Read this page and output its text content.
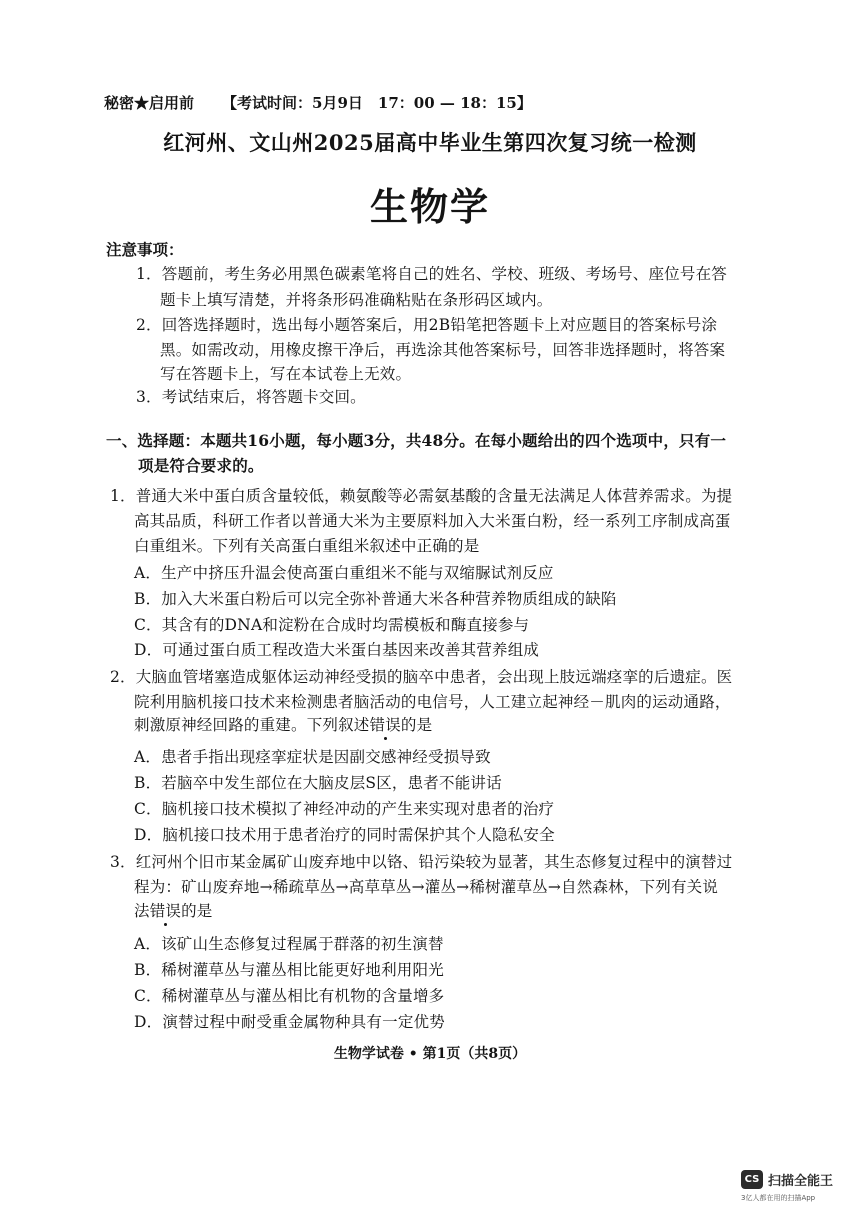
秘密★启用前 【考试时间：5月9日　17：00 — 18：15】
红河州、文山州2025届高中毕业生第四次复习统一检测
生物学
注意事项：
1．答题前，考生务必用黑色碳素笔将自己的姓名、学校、班级、考场号、座位号在答
题卡上填写清楚，并将条形码准确粘贴在条形码区域内。
2．回答选择题时，选出每小题答案后，用2B铅笔把答题卡上对应题目的答案标号涂
黑。如需改动，用橡皮擦干净后，再选涂其他答案标号，回答非选择题时，将答案
写在答题卡上，写在本试卷上无效。
3．考试结束后，将答题卡交回。
一、选择题：本题共16小题，每小题3分，共48分。在每小题给出的四个选项中，只有一
项是符合要求的。
1．普通大米中蛋白质含量较低，赖氨酸等必需氨基酸的含量无法满足人体营养需求。为提
高其品质，科研工作者以普通大米为主要原料加入大米蛋白粉，经一系列工序制成高蛋
白重组米。下列有关高蛋白重组米叙述中正确的是
A．生产中挤压升温会使高蛋白重组米不能与双缩脲试剂反应
B．加入大米蛋白粉后可以完全弥补普通大米各种营养物质组成的缺陷
C．其含有的DNA和淀粉在合成时均需模板和酶直接参与
D．可通过蛋白质工程改造大米蛋白基因来改善其营养组成
2．大脑血管堵塞造成躯体运动神经受损的脑卒中患者，会出现上肢远端痉挛的后遗症。医
院利用脑机接口技术来检测患者脑活动的电信号，人工建立起神经－肌肉的运动通路，
刺激原神经回路的重建。下列叙述错误的是
A．患者手指出现痉挛症状是因副交感神经受损导致
B．若脑卒中发生部位在大脑皮层S区，患者不能讲话
C．脑机接口技术模拟了神经冲动的产生来实现对患者的治疗
D．脑机接口技术用于患者治疗的同时需保护其个人隐私安全
3．红河州个旧市某金属矿山废弃地中以铬、铅污染较为显著，其生态修复过程中的演替过
程为：矿山废弃地→稀疏草丛→高草草丛→灌丛→稀树灌草丛→自然森林，下列有关说
法错误的是
A．该矿山生态修复过程属于群落的初生演替
B．稀树灌草丛与灌丛相比能更好地利用阳光
C．稀树灌草丛与灌丛相比有机物的含量增多
D．演替过程中耐受重金属物种具有一定优势
生物学试卷 • 第1页（共8页）
CS 扫描全能王
3亿人都在用的扫描App
